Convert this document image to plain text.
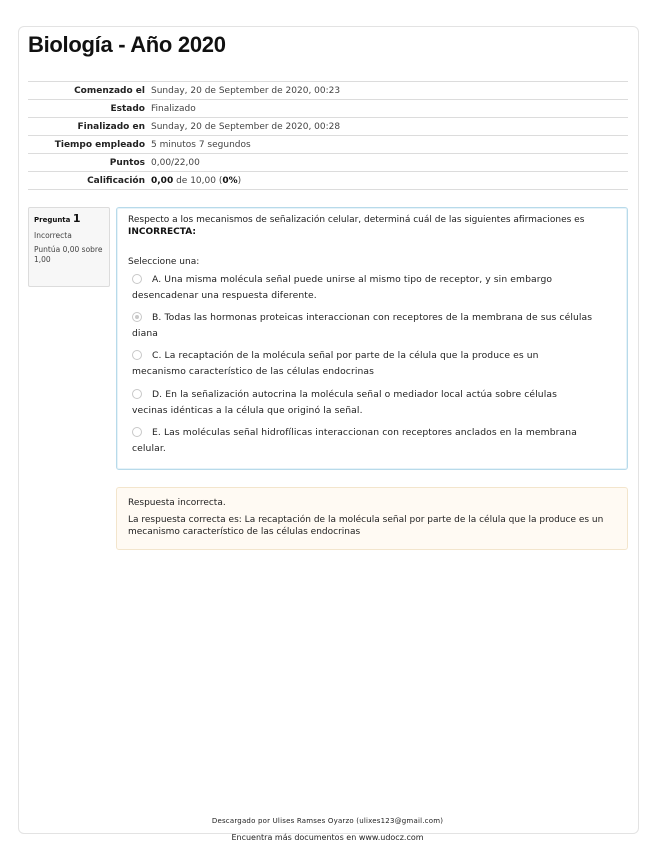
Biología - Año 2020
Comenzado el	Sunday, 20 de September de 2020, 00:23
Estado	Finalizado
Finalizado en	Sunday, 20 de September de 2020, 00:28
Tiempo empleado	5 minutos 7 segundos
Puntos	0,00/22,00
Calificación	0,00 de 10,00 (0%)
Pregunta 1
Incorrecta
Puntúa 0,00 sobre 1,00
Respecto a los mecanismos de señalización celular, determiná cuál de las siguientes afirmaciones es INCORRECTA:
Seleccione una:
A. Una misma molécula señal puede unirse al mismo tipo de receptor, y sin embargo desencadenar una respuesta diferente.
B. Todas las hormonas proteicas interaccionan con receptores de la membrana de sus células diana
C. La recaptación de la molécula señal por parte de la célula que la produce es un mecanismo característico de las células endocrinas
D. En la señalización autocrina la molécula señal o mediador local actúa sobre células vecinas idénticas a la célula que originó la señal.
E. Las moléculas señal hidrofílicas interaccionan con receptores anclados en la membrana celular.
Respuesta incorrecta.
La respuesta correcta es: La recaptación de la molécula señal por parte de la célula que la produce es un mecanismo característico de las células endocrinas
Descargado por Ulises Ramses Oyarzo (ulixes123@gmail.com)
Encuentra más documentos en www.udocz.com
